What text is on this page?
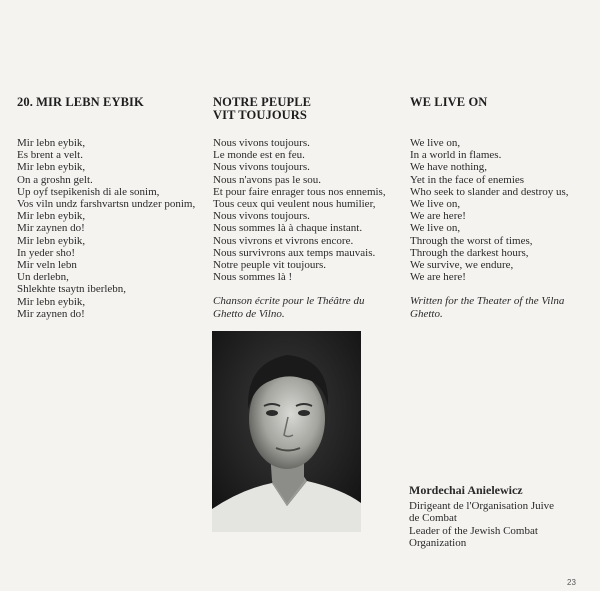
20. MIR LEBN EYBIK
Mir lebn eybik,
Es brent a velt.
Mir lebn eybik,
On a groshn gelt.
Up oyf tsepikenish di ale sonim,
Vos viln undz farshvartsn undzer ponim,
Mir lebn eybik,
Mir zaynen do!
Mir lebn eybik,
In yeder sho!
Mir veln lebn
Un derlebn,
Shlekhte tsaytn iberlebn,
Mir lebn eybik,
Mir zaynen do!
NOTRE PEUPLE
VIT TOUJOURS
Nous vivons toujours.
Le monde est en feu.
Nous vivons toujours.
Nous n'avons pas le sou.
Et pour faire enrager tous nos ennemis,
Tous ceux qui veulent nous humilier,
Nous vivons toujours.
Nous sommes là à chaque instant.
Nous vivrons et vivrons encore.
Nous survivrons aux temps mauvais.
Notre peuple vit toujours.
Nous sommes là !
Chanson écrite pour le Théâtre du
Ghetto de Vilno.
WE LIVE ON
We live on,
In a world in flames.
We have nothing,
Yet in the face of enemies
Who seek to slander and destroy us,
We live on,
We are here!
We live on,
Through the worst of times,
Through the darkest hours,
We survive, we endure,
We are here!
Written for the Theater of the Vilna
Ghetto.
Mordechai Anielewicz
Dirigeant de l'Organisation Juive
de Combat
Leader of the Jewish Combat
Organization
23
